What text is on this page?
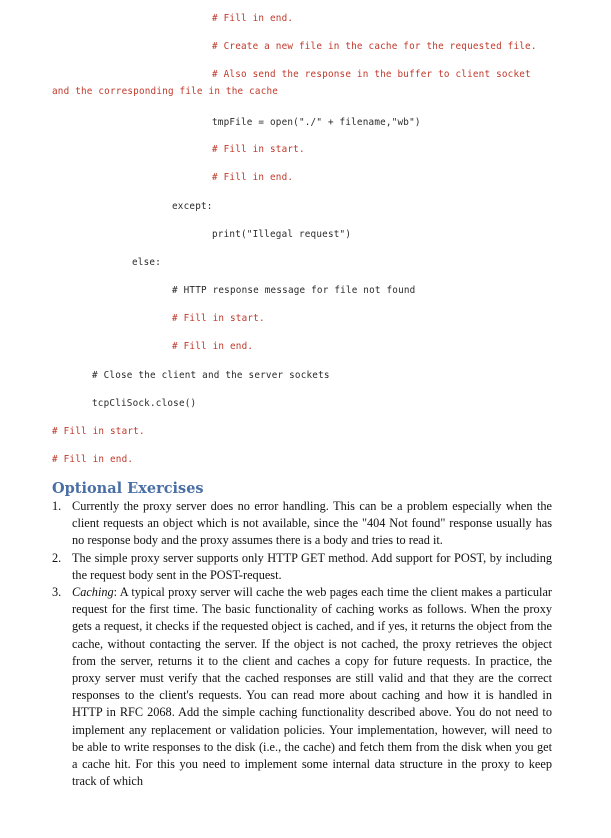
# Fill in end.
# Create a new file in the cache for the requested file.
# Also send the response in the buffer to client socket
and the corresponding file in the cache
tmpFile = open("./" + filename,"wb")
# Fill in start.
# Fill in end.
except:
print("Illegal request")
else:
# HTTP response message for file not found
# Fill in start.
# Fill in end.
# Close the client and the server sockets
tcpCliSock.close()
# Fill in start.
# Fill in end.
Optional Exercises
1. Currently the proxy server does no error handling. This can be a problem especially when the client requests an object which is not available, since the "404 Not found" response usually has no response body and the proxy assumes there is a body and tries to read it.
2. The simple proxy server supports only HTTP GET method. Add support for POST, by including the request body sent in the POST-request.
3. Caching: A typical proxy server will cache the web pages each time the client makes a particular request for the first time. The basic functionality of caching works as follows. When the proxy gets a request, it checks if the requested object is cached, and if yes, it returns the object from the cache, without contacting the server. If the object is not cached, the proxy retrieves the object from the server, returns it to the client and caches a copy for future requests. In practice, the proxy server must verify that the cached responses are still valid and that they are the correct responses to the client's requests. You can read more about caching and how it is handled in HTTP in RFC 2068. Add the simple caching functionality described above. You do not need to implement any replacement or validation policies. Your implementation, however, will need to be able to write responses to the disk (i.e., the cache) and fetch them from the disk when you get a cache hit. For this you need to implement some internal data structure in the proxy to keep track of which
